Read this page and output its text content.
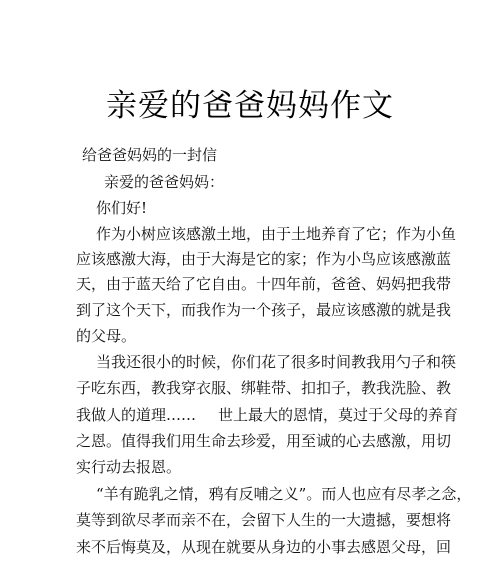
亲爱的爸爸妈妈作文
给爸爸妈妈的一封信
亲爱的爸爸妈妈：
你们好!
作为小树应该感激土地，由于土地养育了它；作为小鱼
应该感激大海，由于大海是它的家；作为小鸟应该感激蓝
天，由于蓝天给了它自由。十四年前，爸爸、妈妈把我带
到了这个天下，而我作为一个孩子，最应该感激的就是我
的父母。
当我还很小的时候，你们花了很多时间教我用勺子和筷
子吃东西，教我穿衣服、绑鞋带、扣扣子，教我洗脸、教
我做人的道理…… 世上最大的恩情，莫过于父母的养育
之恩。值得我们用生命去珍爱，用至诚的心去感激，用切
实行动去报恩。
“羊有跪乳之情，鸦有反哺之义”。而人也应有尽孝之念，
莫等到欲尽孝而亲不在，会留下人生的一大遗撼，要想将
来不后悔莫及，从现在就要从身边的小事去感恩父母，回
